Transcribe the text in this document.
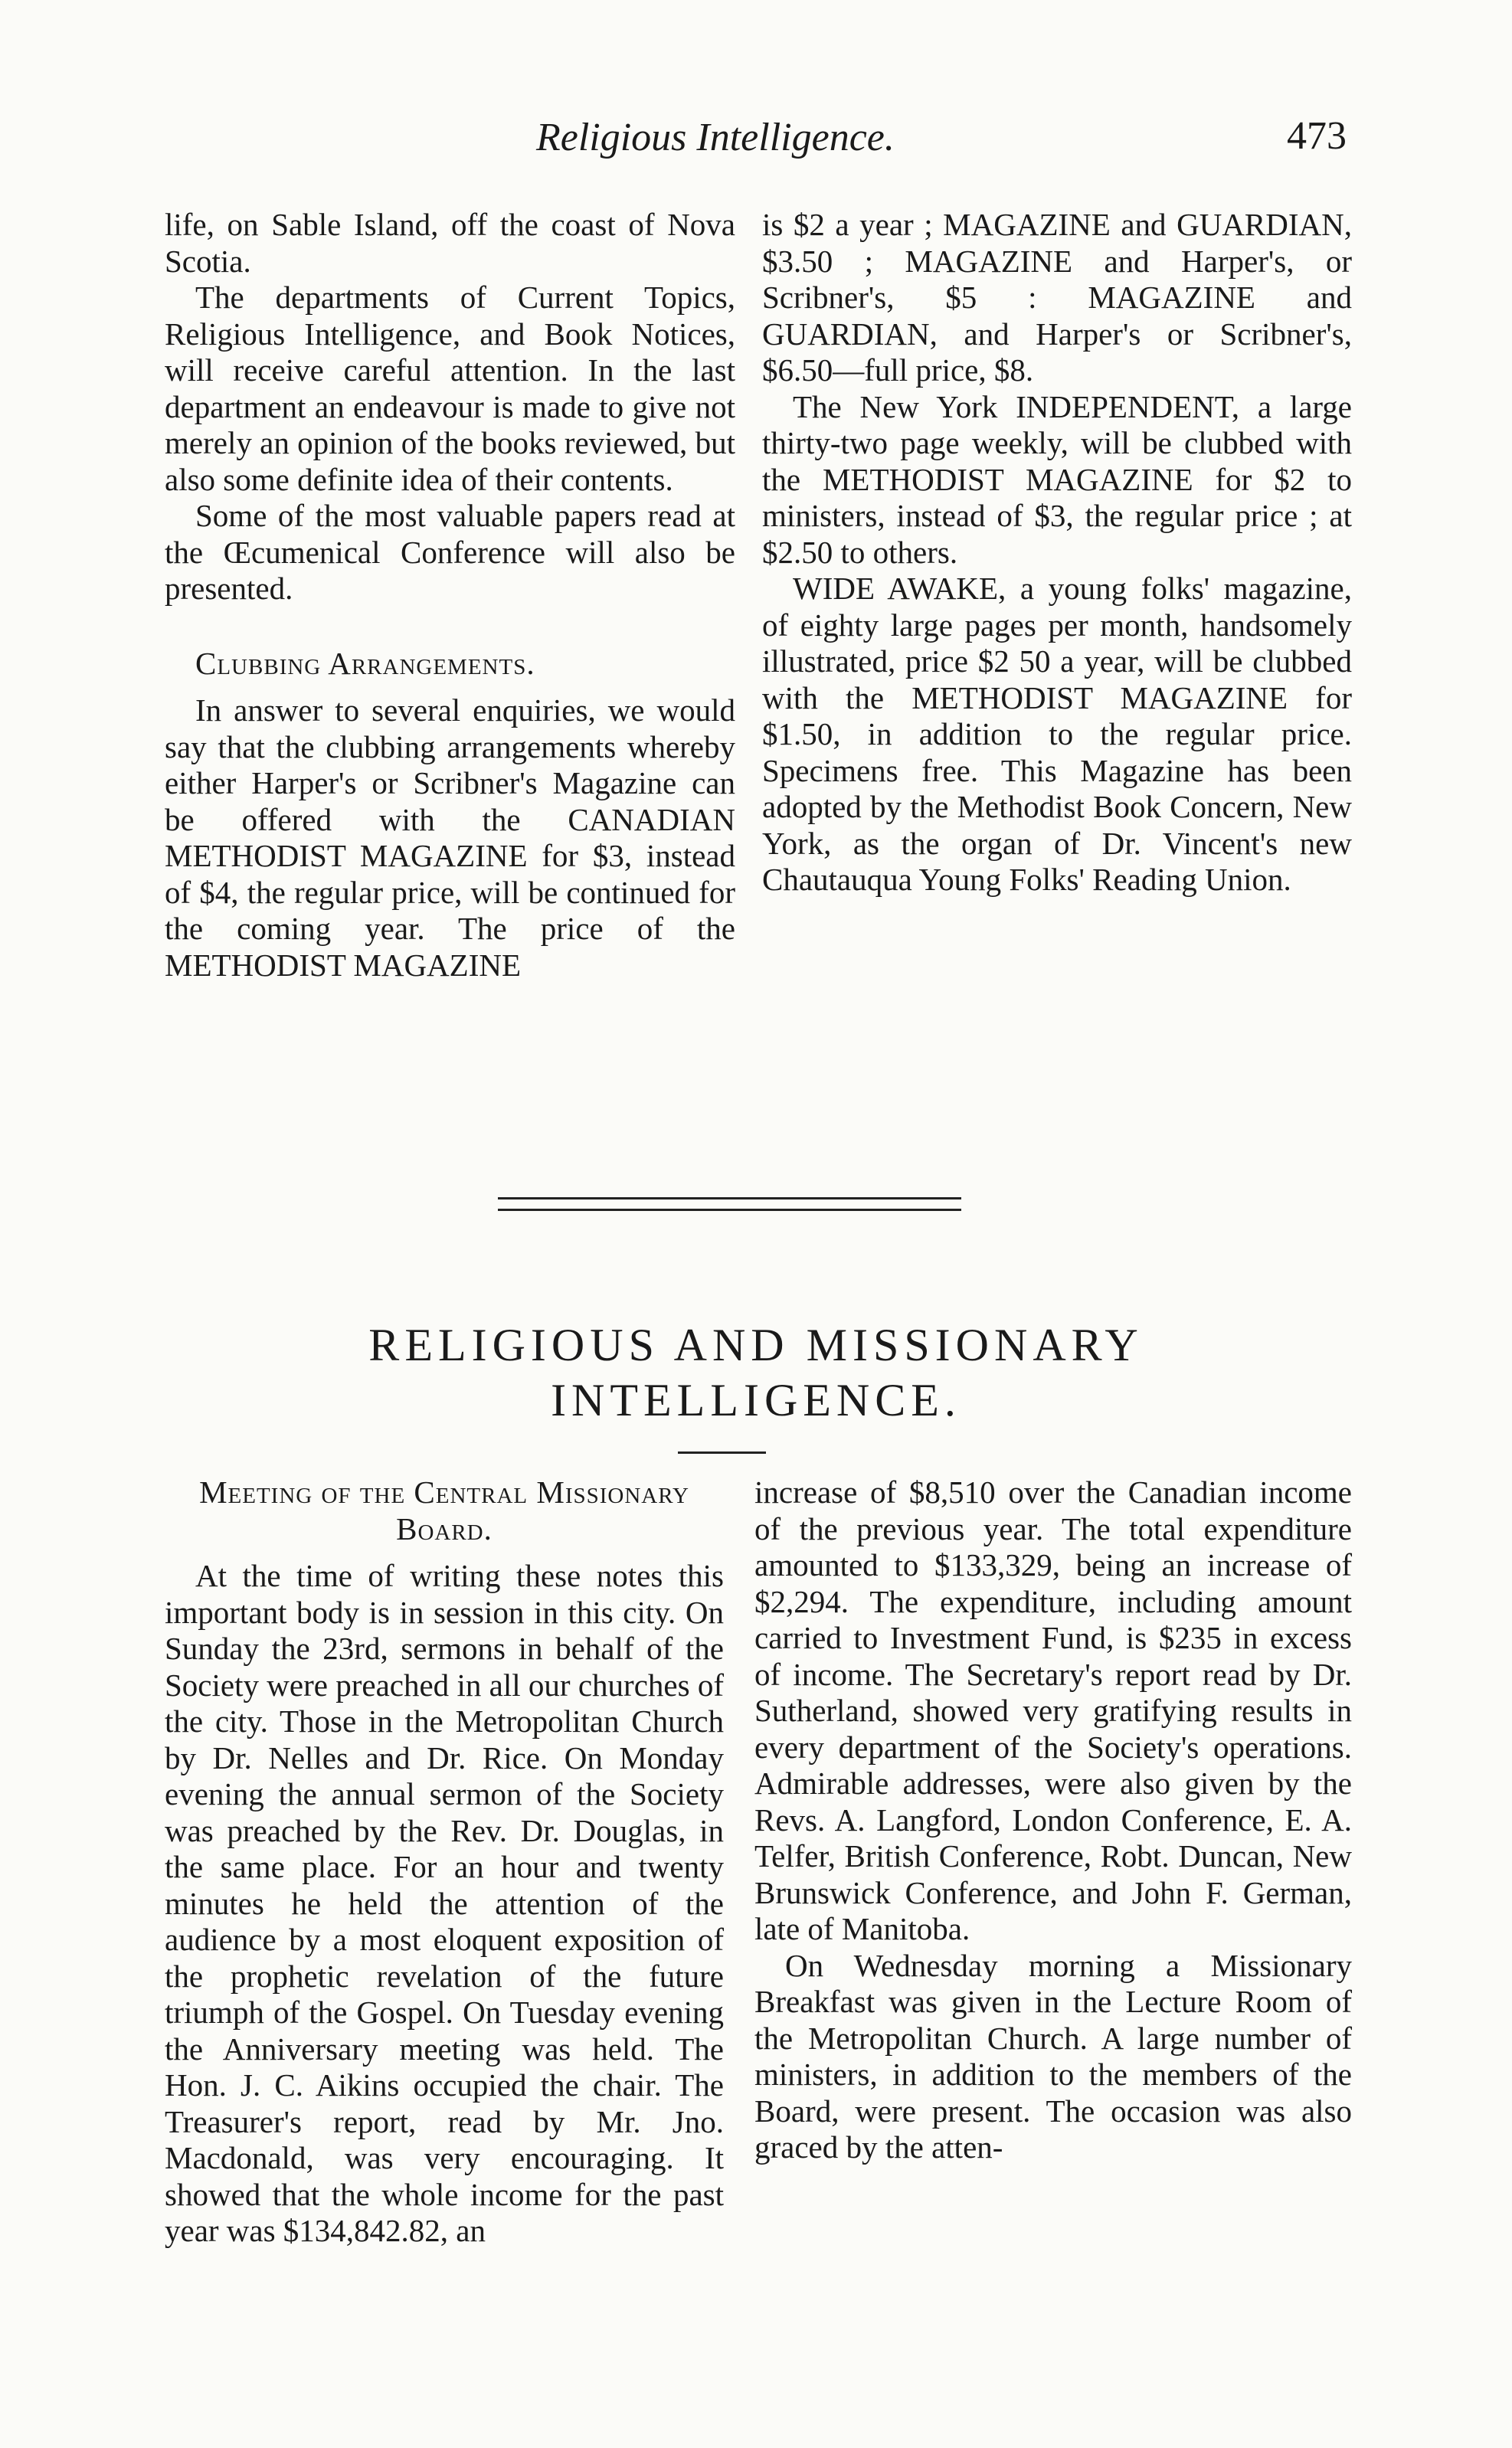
Religious Intelligence.	473

life, on Sable Island, off the coast of Nova Scotia.

The departments of Current Topics, Religious Intelligence, and Book Notices, will receive careful attention. In the last department an endeavour is made to give not merely an opinion of the books reviewed, but also some definite idea of their contents.

Some of the most valuable papers read at the Œcumenical Conference will also be presented.

Clubbing Arrangements.

In answer to several enquiries, we would say that the clubbing arrangements whereby either Harper's or Scribner's Magazine can be offered with the CANADIAN METHODIST MAGAZINE for $3, instead of $4, the regular price, will be continued for the coming year. The price of the METHODIST MAGAZINE

is $2 a year ; MAGAZINE and GUARDIAN, $3.50 ; MAGAZINE and Harper's, or Scribner's, $5 : MAGAZINE and GUARDIAN, and Harper's or Scribner's, $6.50—full price, $8.

The New York INDEPENDENT, a large thirty-two page weekly, will be clubbed with the METHODIST MAGAZINE for $2 to ministers, instead of $3, the regular price ; at $2.50 to others.

WIDE AWAKE, a young folks' magazine, of eighty large pages per month, handsomely illustrated, price $2 50 a year, will be clubbed with the METHODIST MAGAZINE for $1.50, in addition to the regular price. Specimens free. This Magazine has been adopted by the Methodist Book Concern, New York, as the organ of Dr. Vincent's new Chautauqua Young Folks' Reading Union.

RELIGIOUS AND MISSIONARY
INTELLIGENCE.
Meeting of the Central Missionary Board.

At the time of writing these notes this important body is in session in this city. On Sunday the 23rd, sermons in behalf of the Society were preached in all our churches of the city. Those in the Metropolitan Church by Dr. Nelles and Dr. Rice. On Monday evening the annual sermon of the Society was preached by the Rev. Dr. Douglas, in the same place. For an hour and twenty minutes he held the attention of the audience by a most eloquent exposition of the prophetic revelation of the future triumph of the Gospel. On Tuesday evening the Anniversary meeting was held. The Hon. J. C. Aikins occupied the chair. The Treasurer's report, read by Mr. Jno. Macdonald, was very encouraging. It showed that the whole income for the past year was $134,842.82, an

increase of $8,510 over the Canadian income of the previous year. The total expenditure amounted to $133,329, being an increase of $2,294. The expenditure, including amount carried to Investment Fund, is $235 in excess of income. The Secretary's report read by Dr. Sutherland, showed very gratifying results in every department of the Society's operations. Admirable addresses, were also given by the Revs. A. Langford, London Conference, E. A. Telfer, British Conference, Robt. Duncan, New Brunswick Conference, and John F. German, late of Manitoba.

On Wednesday morning a Missionary Breakfast was given in the Lecture Room of the Metropolitan Church. A large number of ministers, in addition to the members of the Board, were present. The occasion was also graced by the atten-
